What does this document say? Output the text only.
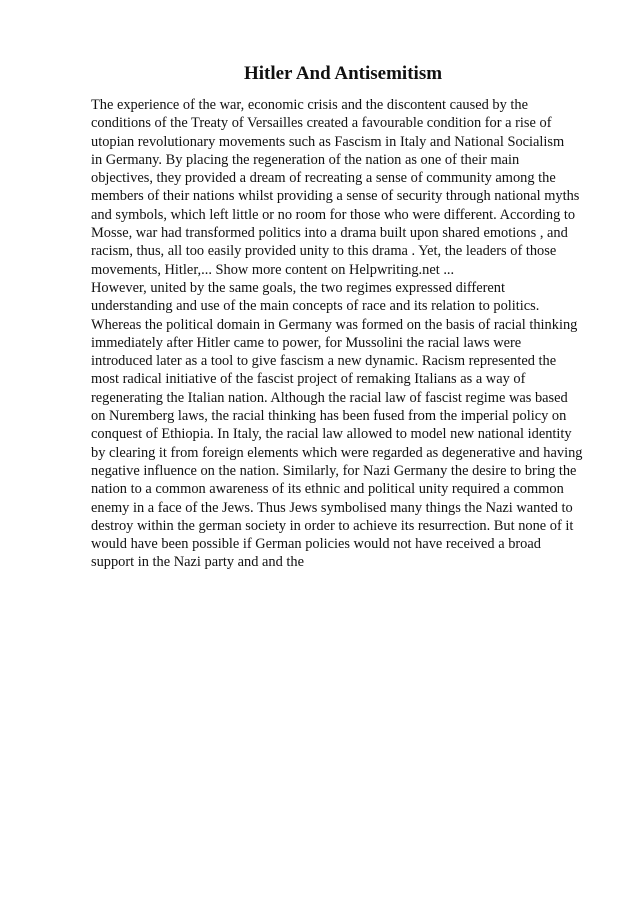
Hitler And Antisemitism
The experience of the war, economic crisis and the discontent caused by the
conditions of the Treaty of Versailles created a favourable condition for a rise of
utopian revolutionary movements such as Fascism in Italy and National Socialism
in Germany. By placing the regeneration of the nation as one of their main
objectives, they provided a dream of recreating a sense of community among the
members of their nations whilst providing a sense of security through national myths
and symbols, which left little or no room for those who were different. According to
Mosse, war had transformed politics into a drama built upon shared emotions , and
racism, thus, all too easily provided unity to this drama . Yet, the leaders of those
movements, Hitler,... Show more content on Helpwriting.net ...
However, united by the same goals, the two regimes expressed different
understanding and use of the main concepts of race and its relation to politics.
Whereas the political domain in Germany was formed on the basis of racial thinking
immediately after Hitler came to power, for Mussolini the racial laws were
introduced later as a tool to give fascism a new dynamic. Racism represented the
most radical initiative of the fascist project of remaking Italians as a way of
regenerating the Italian nation. Although the racial law of fascist regime was based
on Nuremberg laws, the racial thinking has been fused from the imperial policy on
conquest of Ethiopia. In Italy, the racial law allowed to model new national identity
by clearing it from foreign elements which were regarded as degenerative and having
negative influence on the nation. Similarly, for Nazi Germany the desire to bring the
nation to a common awareness of its ethnic and political unity required a common
enemy in a face of the Jews. Thus Jews symbolised many things the Nazi wanted to
destroy within the german society in order to achieve its resurrection. But none of it
would have been possible if German policies would not have received a broad
support in the Nazi party and and the
